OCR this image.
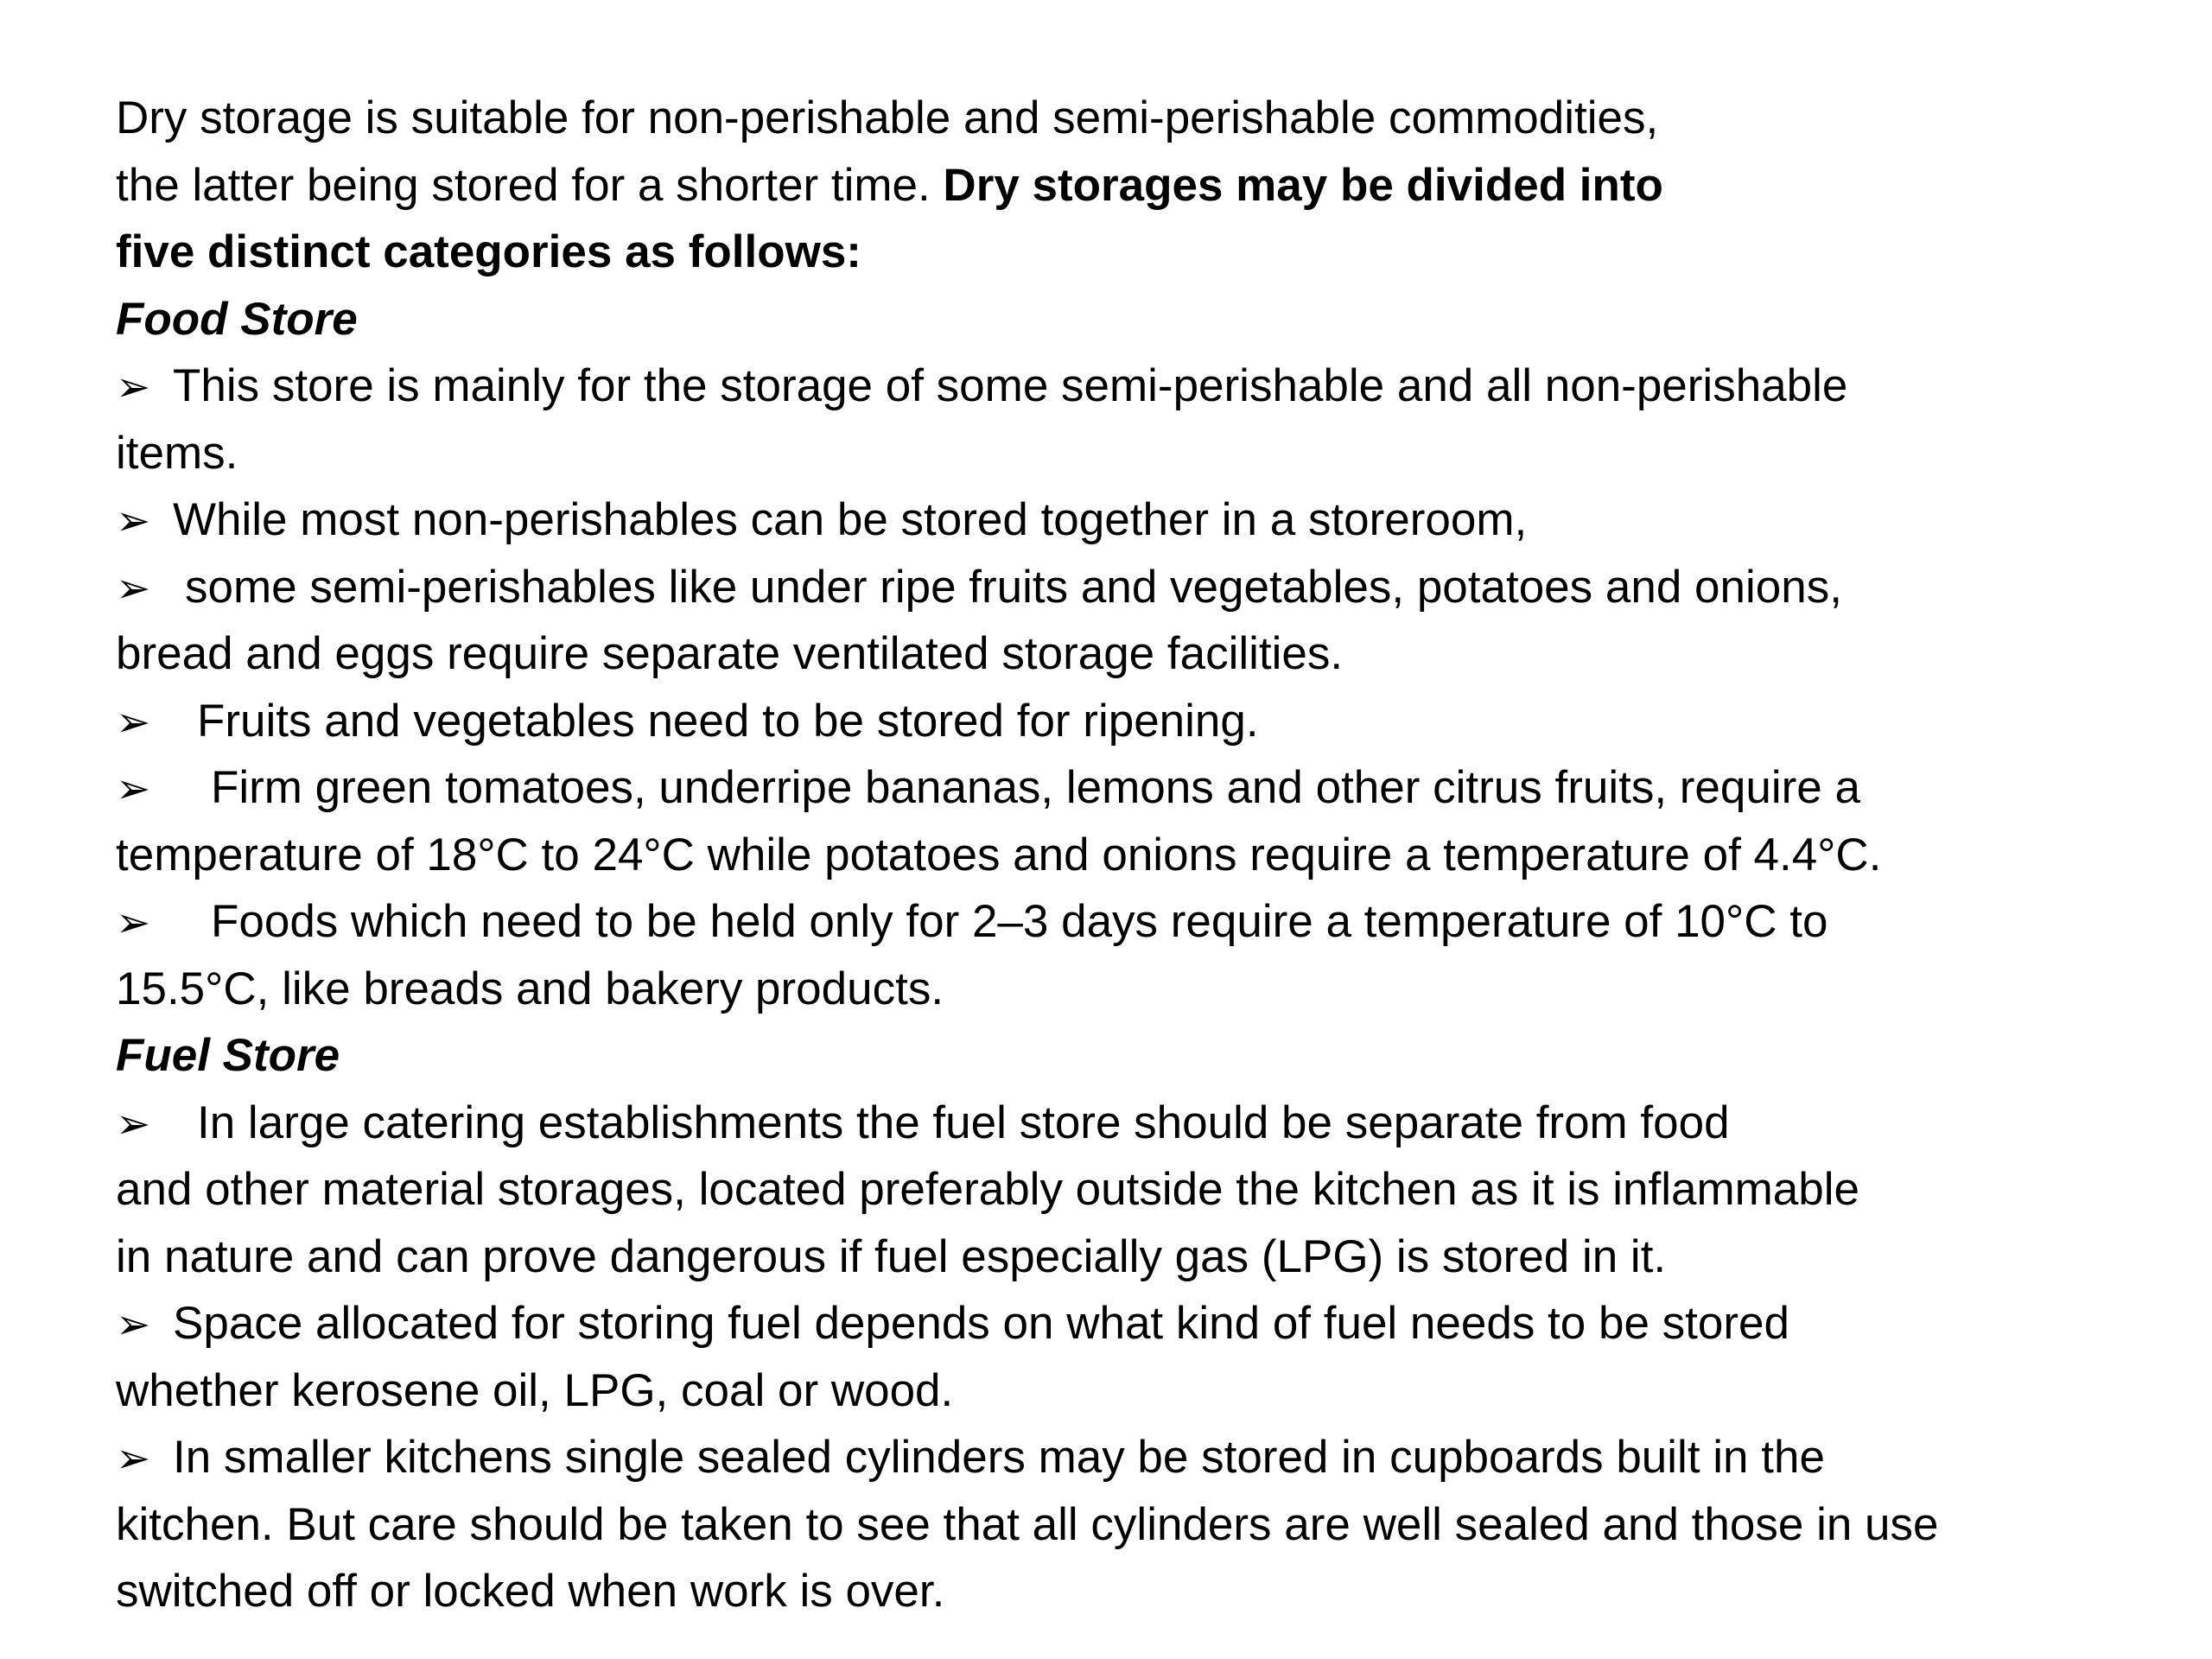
Dry storage is suitable for non-perishable and semi-perishable commodities,
the latter being stored for a shorter time. Dry storages may be divided into
five distinct categories as follows:
Food Store
➢ This store is mainly for the storage of some semi-perishable and all non-perishable
items.
➢ While most non-perishables can be stored together in a storeroom,
➢ some semi-perishables like under ripe fruits and vegetables, potatoes and onions,
bread and eggs require separate ventilated storage facilities.
➢ Fruits and vegetables need to be stored for ripening.
➢ Firm green tomatoes, underripe bananas, lemons and other citrus fruits, require a
temperature of 18°C to 24°C while potatoes and onions require a temperature of 4.4°C.
➢ Foods which need to be held only for 2–3 days require a temperature of 10°C to
15.5°C, like breads and bakery products.
Fuel Store
➢ In large catering establishments the fuel store should be separate from food
and other material storages, located preferably outside the kitchen as it is inflammable
in nature and can prove dangerous if fuel especially gas (LPG) is stored in it.
➢ Space allocated for storing fuel depends on what kind of fuel needs to be stored
whether kerosene oil, LPG, coal or wood.
➢ In smaller kitchens single sealed cylinders may be stored in cupboards built in the
kitchen. But care should be taken to see that all cylinders are well sealed and those in use
switched off or locked when work is over.
